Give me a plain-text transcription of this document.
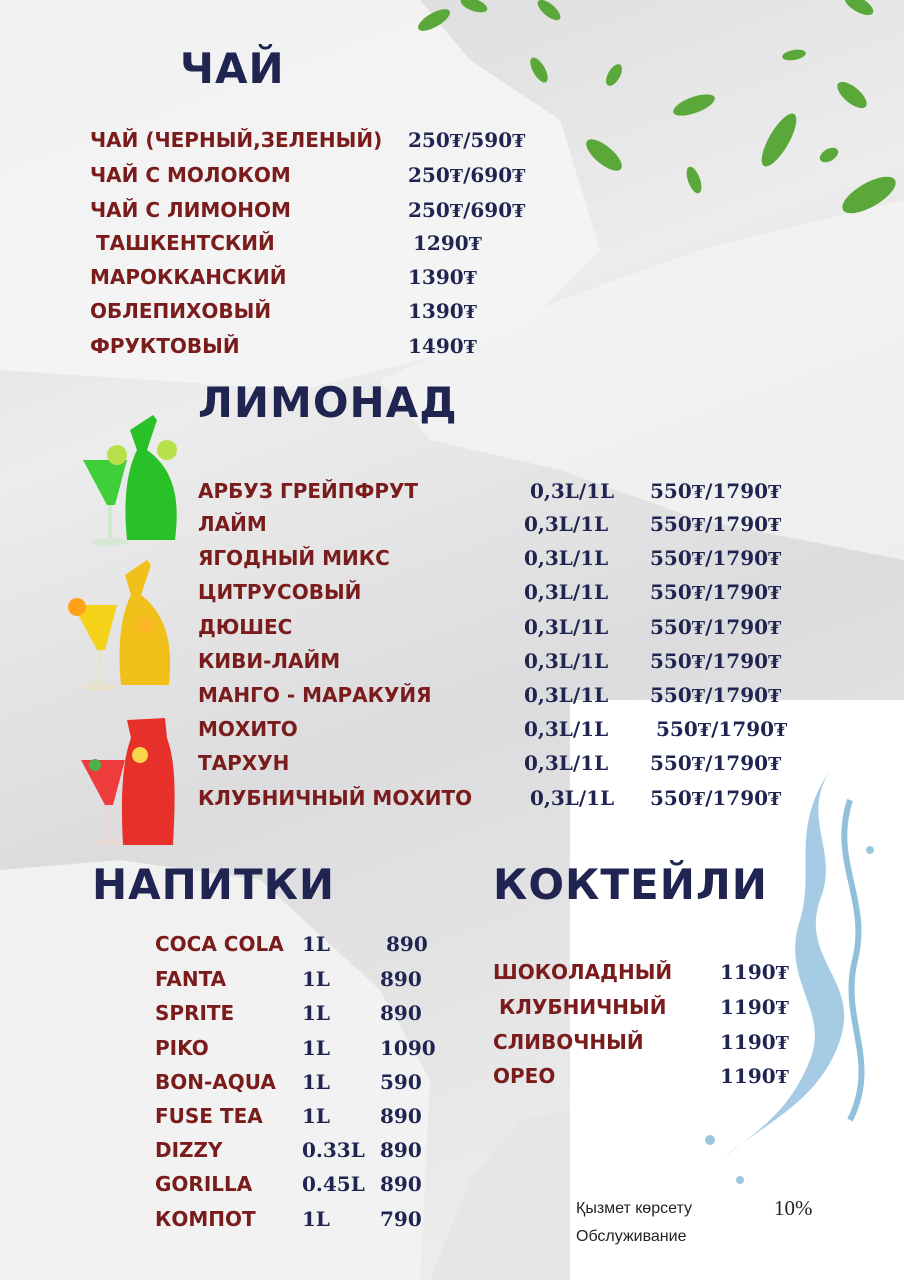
ЧАЙ

ЧАЙ (ЧЕРНЫЙ,ЗЕЛЕНЫЙ) 250₮/590₮

ЧАЙ С МОЛОКОМ	250₮/690₮

ЧАЙ С ЛИМОНОМ	250₮/690₮

ТАШКЕНТСКИЙ	1290₮

МАРОККАНСКИЙ	1390₮

ОБЛЕПИХОВЫЙ	1390₮

ФРУКТОВЫЙ	1490₮

ЛИМОНАД

АРБУЗ ГРЕЙПФРУТ	0,3L/1L 550₮/1790₮

ЛАЙМ	0,3L/1L 550₮/1790₮

ЯГОДНЫЙ МИКС	0,3L/1L 550₮/1790₮

ЦИТРУСОВЫЙ	0,3L/1L 550₮/1790₮

ДЮШЕС	0,3L/1L 550₮/1790₮

КИВИ-ЛАЙМ	0,3L/1L 550₮/1790₮

МАНГО - МАРАКУЙЯ	0,3L/1L 550₮/1790₮

МОХИТО	0,3L/1L 550₮/1790₮

ТАРХУН	0,3L/1L 550₮/1790₮

КЛУБНИЧНЫЙ МОХИТО	0,3L/1L 550₮/1790₮

НАПИТКИ

COCA COLA 1L	890

FANTA	1L	890

SPRITE	1L	890

PIKO	1L	1090

BON-AQUA 1L	590

FUSE TEA 1L	890

DIZZY	0.33L 890

GORILLA 0.45L 890

КОМПОТ 1L	790

КОКТЕЙЛИ

ШОКОЛАДНЫЙ 1190₮

КЛУБНИЧНЫЙ	1190₮

СЛИВОЧНЫЙ	1190₮

ОРЕО	1190₮

Қызмет көрсету

Обслуживание

10%
